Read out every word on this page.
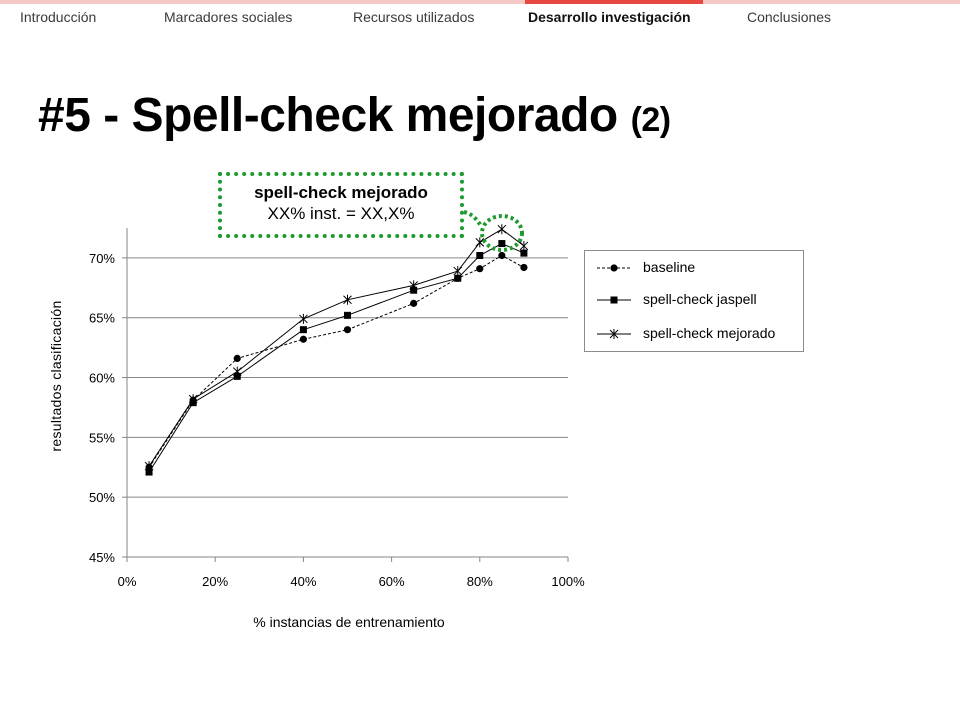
Introducción	Marcadores sociales	Recursos utilizados	Desarrollo investigación	Conclusiones
#5 - Spell-check mejorado (2)
45%
50%
55%
60%
65%
70%
0%	20%	40%	60%	80%	100%
resultados clasificación
% instancias de entrenamiento
spell-check mejorado
XX% inst. = XX,X%
baseline
spell-check jaspell
spell-check mejorado
